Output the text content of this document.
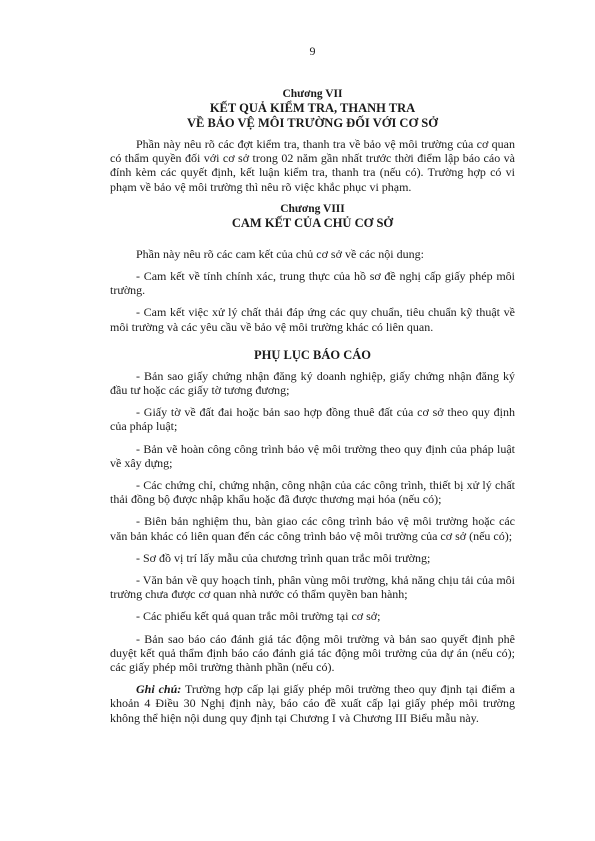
9
Chương VII
KẾT QUẢ KIỂM TRA, THANH TRA
VỀ BẢO VỆ MÔI TRƯỜNG ĐỐI VỚI CƠ SỞ

Phần này nêu rõ các đợt kiểm tra, thanh tra về bảo vệ môi trường của cơ quan có thẩm quyền đối với cơ sở trong 02 năm gần nhất trước thời điểm lập báo cáo và đính kèm các quyết định, kết luận kiểm tra, thanh tra (nếu có). Trường hợp có vi phạm về bảo vệ môi trường thì nêu rõ việc khắc phục vi phạm.

Chương VIII
CAM KẾT CỦA CHỦ CƠ SỞ

Phần này nêu rõ các cam kết của chủ cơ sở về các nội dung:

- Cam kết về tính chính xác, trung thực của hồ sơ đề nghị cấp giấy phép môi trường.

- Cam kết việc xử lý chất thải đáp ứng các quy chuẩn, tiêu chuẩn kỹ thuật về môi trường và các yêu cầu về bảo vệ môi trường khác có liên quan.

PHỤ LỤC BÁO CÁO

- Bản sao giấy chứng nhận đăng ký doanh nghiệp, giấy chứng nhận đăng ký đầu tư hoặc các giấy tờ tương đương;

- Giấy tờ về đất đai hoặc bản sao hợp đồng thuê đất của cơ sở theo quy định của pháp luật;

- Bản vẽ hoàn công công trình bảo vệ môi trường theo quy định của pháp luật về xây dựng;

- Các chứng chỉ, chứng nhận, công nhận của các công trình, thiết bị xử lý chất thải đồng bộ được nhập khẩu hoặc đã được thương mại hóa (nếu có);

- Biên bản nghiệm thu, bàn giao các công trình bảo vệ môi trường hoặc các văn bản khác có liên quan đến các công trình bảo vệ môi trường của cơ sở (nếu có);

- Sơ đồ vị trí lấy mẫu của chương trình quan trắc môi trường;

- Văn bản về quy hoạch tỉnh, phân vùng môi trường, khả năng chịu tải của môi trường chưa được cơ quan nhà nước có thẩm quyền ban hành;

- Các phiếu kết quả quan trắc môi trường tại cơ sở;

- Bản sao báo cáo đánh giá tác động môi trường và bản sao quyết định phê duyệt kết quả thẩm định báo cáo đánh giá tác động môi trường của dự án (nếu có); các giấy phép môi trường thành phần (nếu có).

Ghi chú: Trường hợp cấp lại giấy phép môi trường theo quy định tại điểm a khoản 4 Điều 30 Nghị định này, báo cáo đề xuất cấp lại giấy phép môi trường không thể hiện nội dung quy định tại Chương I và Chương III Biểu mẫu này.
